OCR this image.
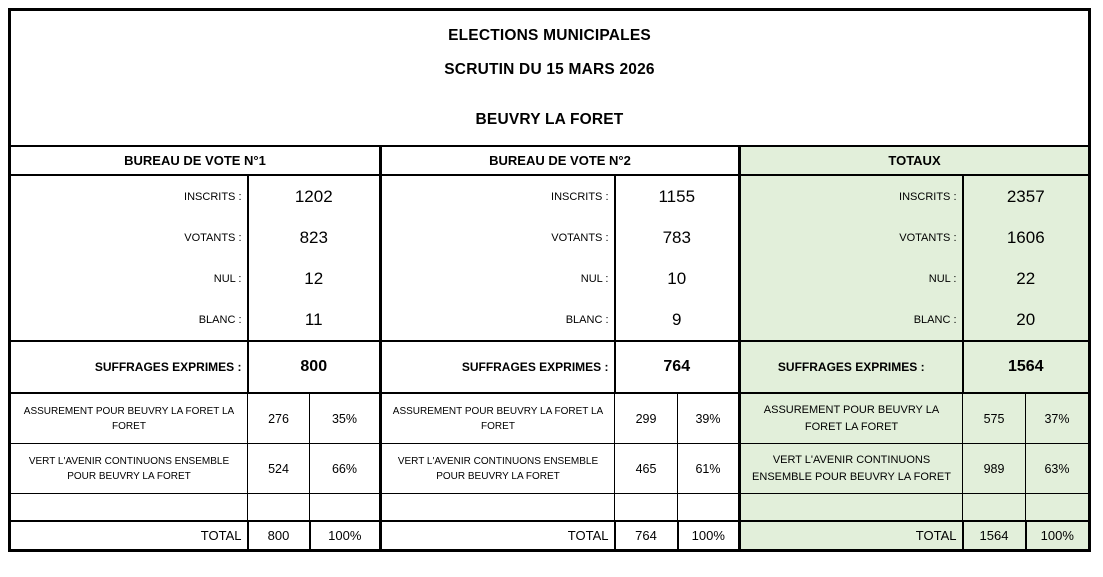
ELECTIONS MUNICIPALES
SCRUTIN DU 15 MARS 2026
BEUVRY LA FORET								

BUREAU DE VOTE N°1			BUREAU DE VOTE N°2			TOTAUX		
INSCRITS :	1202		INSCRITS :	1155		INSCRITS :	2357	
VOTANTS :	823		VOTANTS :	783		VOTANTS :	1606	
NUL :	12		NUL :	10		NUL :	22	
BLANC :	11		BLANC :	9		BLANC :	20	
SUFFRAGES EXPRIMES :	800		SUFFRAGES EXPRIMES :	764		SUFFRAGES EXPRIMES :	1564	
ASSUREMENT POUR BEUVRY LA FORET LA FORET	276	35%	ASSUREMENT POUR BEUVRY LA FORET LA FORET	299	39%	ASSUREMENT POUR BEUVRY LA FORET LA FORET	575	37%
VERT L'AVENIR CONTINUONS ENSEMBLE POUR BEUVRY LA FORET	524	66%	VERT L'AVENIR CONTINUONS ENSEMBLE POUR BEUVRY LA FORET	465	61%	VERT L'AVENIR CONTINUONS ENSEMBLE POUR BEUVRY LA FORET	989	63%

TOTAL	800	100%	TOTAL	764	100%	TOTAL	1564	100%
